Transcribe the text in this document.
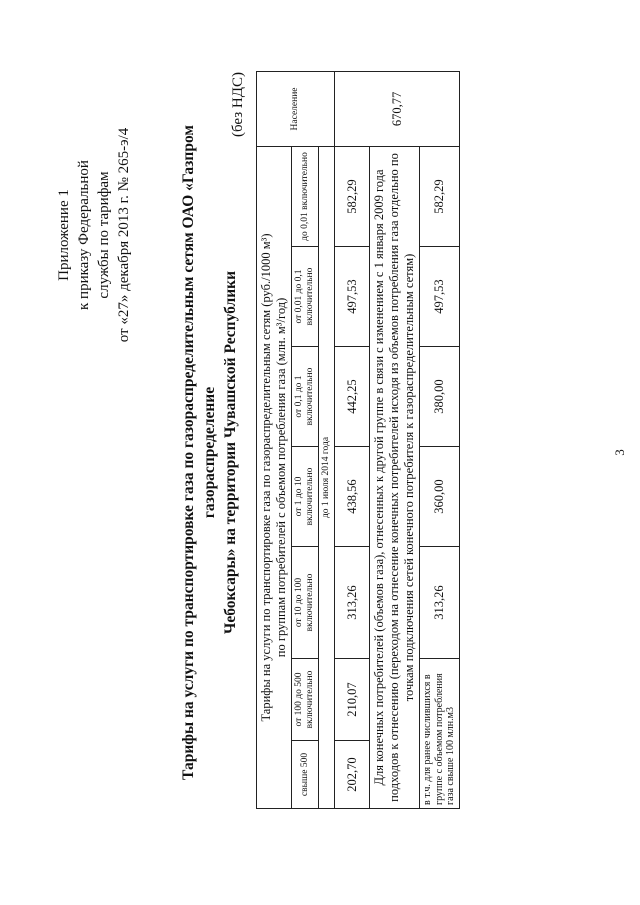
Приложение 1 к приказу Федеральной службы по тарифам от «27» декабря 2013 г. № 265-э/4	Тарифы на услуги по транспортировке газа по газораспределительным сетям ОАО «Газпром газораспределение Чебоксары» на территории Чувашской Республики
(без НДС)
Тарифы на услуги по транспортировке газа по газораспределительным сетям (руб./1000 м³) по группам потребителей с объемом потребления газа (млн. м³/год)							Население
свыше 500	от 100 до 500 включительно	от 10 до 100 включительно	от 1 до 10 включительно	от 0,1 до 1 включительно	от 0,01 до 0,1 включительно	до 0,01 включительно	
до 1 июля 2014 года							
202,70	210,07	313,26	438,56	442,25	497,53	582,29	670,77
Для конечных потребителей (объемов газа), отнесенных к другой группе в связи с изменением с 1 января 2009 года подходов к отнесению (переходом на отнесение конечных потребителей исходя из объемов потребления газа отдельно по точкам подключения сетей конечного потребителя к газораспределительным сетям)							
в т.ч. для ранее числившихся в группе с объемом потребления газа свыше 100 млн.м3		313,26	360,00	380,00	497,53	582,29	
3
